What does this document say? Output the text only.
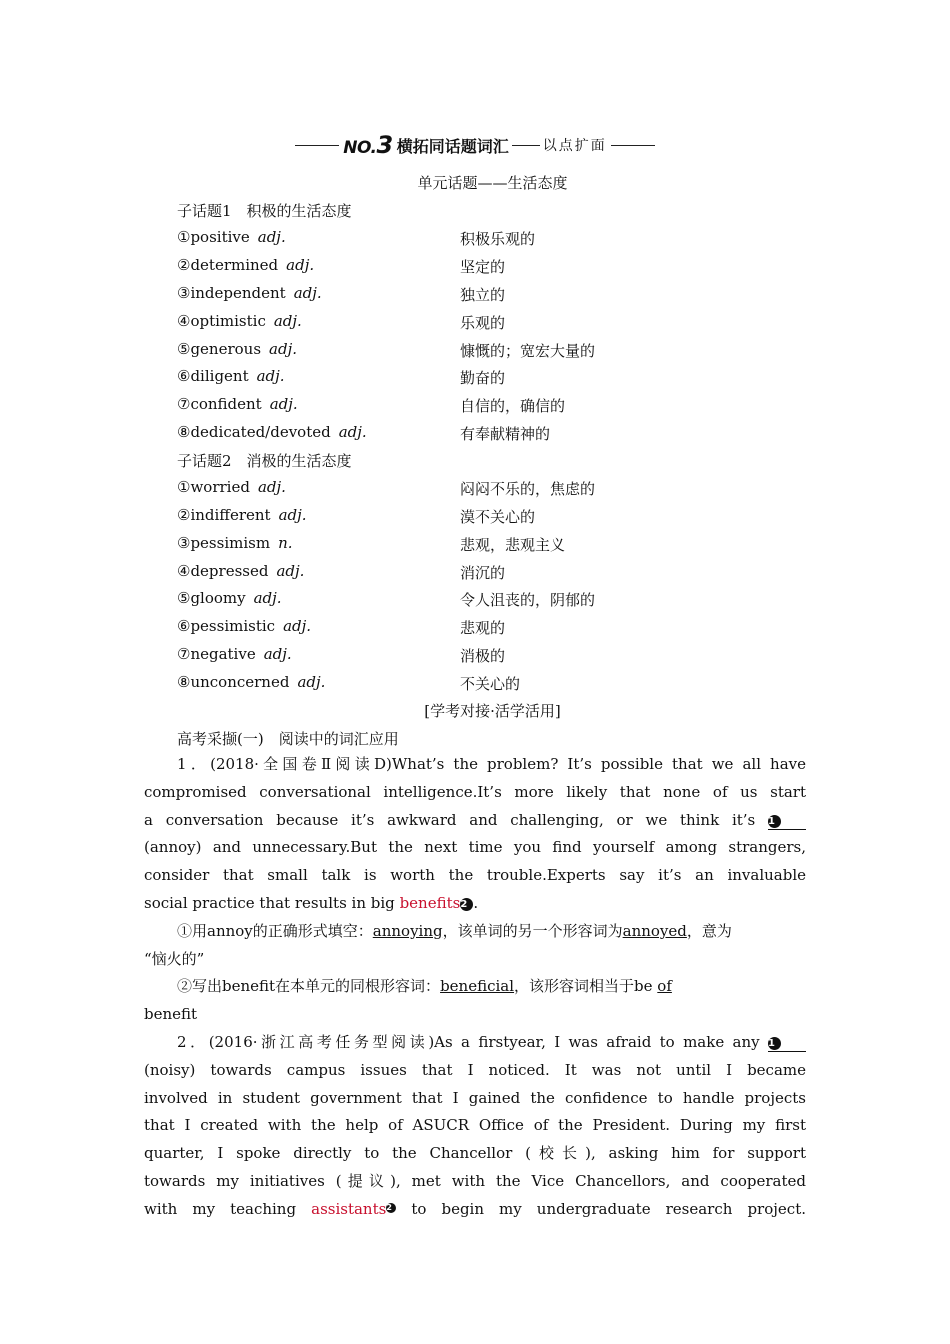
NO.3 横拓同话题词汇 以点扩面
单元话题——生活态度
子话题1　积极的生活态度
①positive adj.	积极乐观的
②determined adj.	坚定的
③independent adj.	独立的
④optimistic adj.	乐观的
⑤generous adj.	慷慨的；宽宏大量的
⑥diligent adj.	勤奋的
⑦confident adj.	自信的，确信的
⑧dedicated/devoted adj.	有奉献精神的
子话题2　消极的生活态度
①worried adj.	闷闷不乐的，焦虑的
②indifferent adj.	漠不关心的
③pessimism n.	悲观，悲观主义
④depressed adj.	消沉的
⑤gloomy adj.	令人沮丧的，阴郁的
⑥pessimistic adj.	悲观的
⑦negative adj.	消极的
⑧unconcerned adj.	不关心的
[学考对接·活学活用]
高考采撷(一)　阅读中的词汇应用
1．(2018·全国卷Ⅱ阅读D)What’s the problem? It’s possible that we all have
compromised conversational intelligence.It’s more likely that none of us start
a conversation because it’s awkward and challenging, or we think it’s 1
(annoy) and unnecessary.But the next time you find yourself among strangers,
consider that small talk is worth the trouble.Experts say it’s an invaluable
social practice that results in big benefits2 .
①用annoy的正确形式填空：annoying，该单词的另一个形容词为annoyed，意为
“恼火的”
②写出benefit在本单元的同根形容词：beneficial，该形容词相当于be of
benefit
2．(2016·浙江高考任务型阅读)As a firstyear, I was afraid to make any 1
(noisy) towards campus issues that I noticed. It was not until I became
involved in student government that I gained the confidence to handle projects
that I created with the help of ASUCR Office of the President. During my first
quarter, I spoke directly to the Chancellor (校长), asking him for support
towards my initiatives (提议), met with the Vice Chancellors, and cooperated
with my teaching assistants2 to begin my undergraduate research project.
